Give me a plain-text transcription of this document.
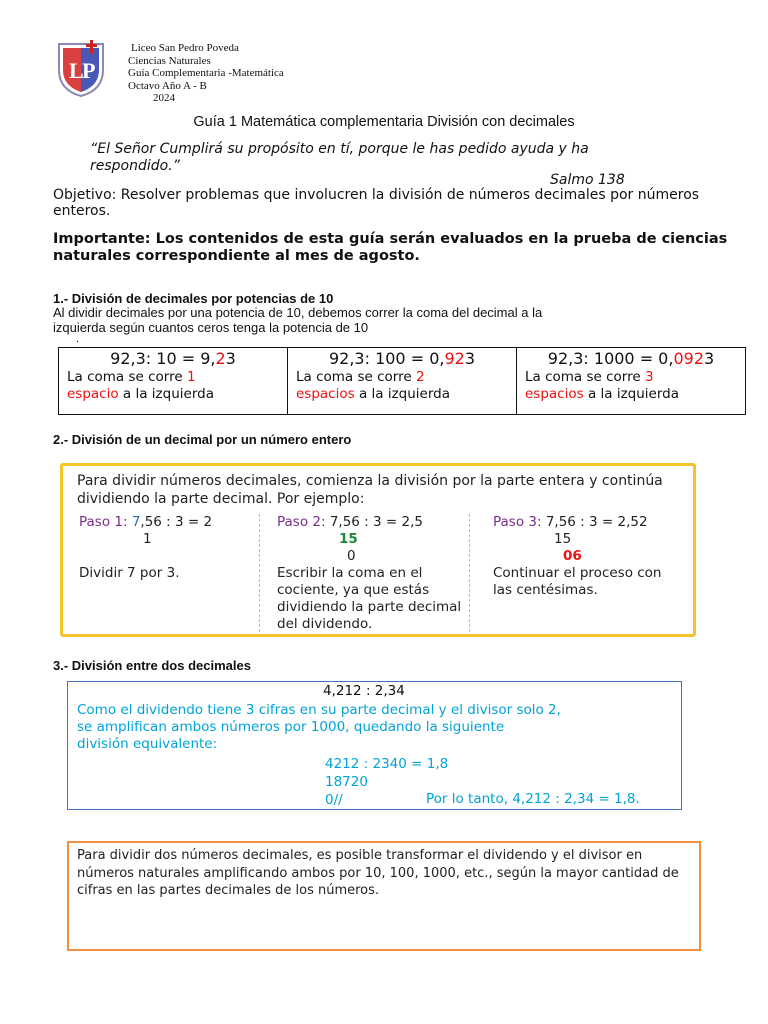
L
P
Liceo San Pedro Poveda
Ciencias Naturales
Guía Complementaria -Matemática
Octavo Año A - B
2024
Guía 1 Matemática complementaria División con decimales
“El Señor Cumplirá su propósito en tí, porque le has pedido ayuda y ha respondido.”
Salmo 138
Objetivo: Resolver problemas que involucren la división de números decimales por números enteros.
Importante: Los contenidos de esta guía serán evaluados en la prueba de ciencias naturales correspondiente al mes de agosto.
1.- División de decimales por potencias de 10
Al dividir decimales por una potencia de 10, debemos correr la coma del decimal a la
izquierda según cuantos ceros tenga la potencia de 10
.
92,3: 10 = 9,23
La coma se corre 1
espacio a la izquierda

92,3: 100 = 0,923
La coma se corre 2
espacios a la izquierda

92,3: 1000 = 0,0923
La coma se corre 3
espacios a la izquierda
2.- División de un decimal por un número entero
Para dividir números decimales, comienza la división por la parte entera y continúa dividiendo la parte decimal. Por ejemplo:
Paso 1: 7,56 : 3 = 2
1
Dividir 7 por 3.
Paso 2: 7,56 : 3 = 2,5
15
0
Escribir la coma en el cociente, ya que estás dividiendo la parte decimal del dividendo.
Paso 3: 7,56 : 3 = 2,52
15
06
Continuar el proceso con las centésimas.
3.- División entre dos decimales
4,212 : 2,34
Como el dividendo tiene 3 cifras en su parte decimal y el divisor solo 2,
se amplifican ambos números por 1000, quedando la siguiente
división equivalente:
4212 : 2340 = 1,8
18720
0//	Por lo tanto, 4,212 : 2,34 = 1,8.
Para dividir dos números decimales, es posible transformar el dividendo y el divisor en números naturales amplificando ambos por 10, 100, 1000, etc., según la mayor cantidad de cifras en las partes decimales de los números.
